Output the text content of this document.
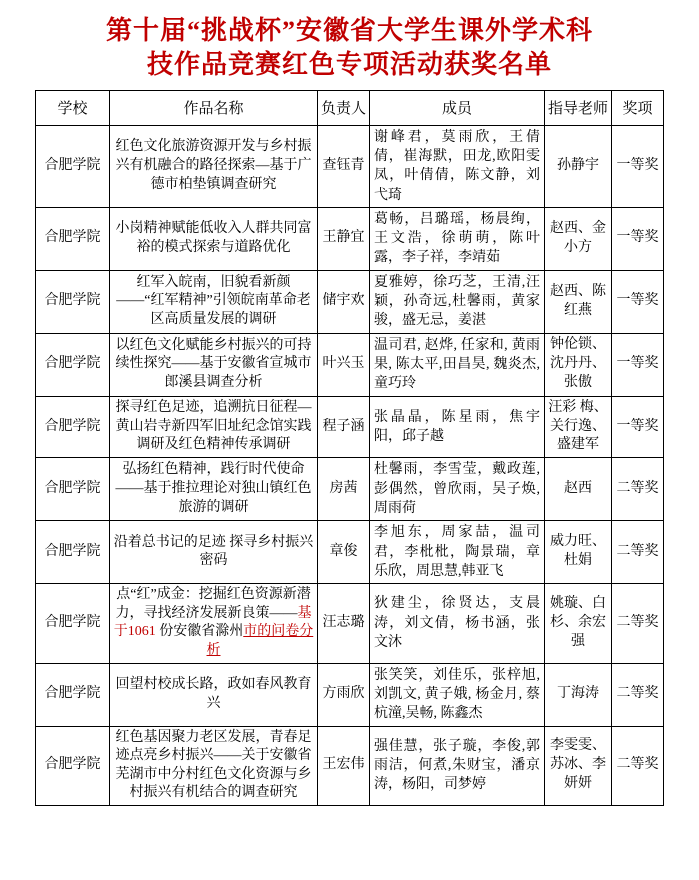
第十届“挑战杯”安徽省大学生课外学术科
技作品竞赛红色专项活动获奖名单
学校	作品名称	负责人	成员	指导老师	奖项
合肥学院	红色文化旅游资源开发与乡村振兴有机融合的路径探索—基于广德市柏垫镇调查研究	查钰青	谢峰君，莫雨欣，王倩倩，崔海默，田龙,欧阳雯凤，叶倩倩，陈文静，刘弋琦	孙静宇	一等奖
合肥学院	小岗精神赋能低收入人群共同富裕的模式探索与道路优化	王静宜	葛畅，吕璐瑶，杨晨绚，王文浩，徐萌萌，陈叶露，李子祥，李靖茹	赵西、金小方	一等奖
合肥学院	红军入皖南，旧貌看新颜——“红军精神”引领皖南革命老区高质量发展的调研	储宇欢	夏雅婷，徐巧芝，王清,汪颖，孙奇远,杜馨雨，黄家骏，盛无忌，姜湛	赵西、陈红燕	一等奖
合肥学院	以红色文化赋能乡村振兴的可持续性探究——基于安徽省宣城市郎溪县调查分析	叶兴玉	温司君, 赵烨, 任家和, 黄雨果, 陈太平,田昌昊, 魏炎杰, 童巧玲	钟伦锁、沈丹丹、张傲	一等奖
合肥学院	探寻红色足迹，追溯抗日征程—黄山岩寺新四军旧址纪念馆实践调研及红色精神传承调研	程子涵	张晶晶，陈星雨，焦宇阳，邱子越	汪彩 梅、关行逸、盛建军	一等奖
合肥学院	弘扬红色精神，践行时代使命——基于推拉理论对独山镇红色旅游的调研	房茜	杜馨雨，李雪莹，戴政莲,彭偶然，曾欣雨，吴子焕, 周雨荷	赵西	二等奖
合肥学院	沿着总书记的足迹 探寻乡村振兴密码	章俊	李旭东，周家喆，温司君，李枇枇，陶景瑞，章乐欣，周思慧,韩亚飞	威力旺、杜娟	二等奖
合肥学院	点“红”成金：挖掘红色资源新潜力，寻找经济发展新良策——基于1061 份安徽省滁州市的问卷分析	汪志璐	狄建尘，徐贤达，支晨涛，刘文倩，杨书涵，张文沐	姚璇、白杉、余宏强	二等奖
合肥学院	回望村校成长路，政如春风教育兴	方雨欣	张笑笑，刘佳乐，张梓旭, 刘凯文, 黄子娥, 杨金月, 蔡杭潼,吴畅, 陈鑫杰	丁海涛	二等奖
合肥学院	红色基因聚力老区发展，青春足迹点亮乡村振兴——关于安徽省芜湖市中分村红色文化资源与乡村振兴有机结合的调查研究	王宏伟	强佳慧，张子璇，李俊,郭雨洁，何煮,朱财宝，潘京涛，杨阳，司梦婷	李雯雯、苏冰、李妍妍	二等奖
